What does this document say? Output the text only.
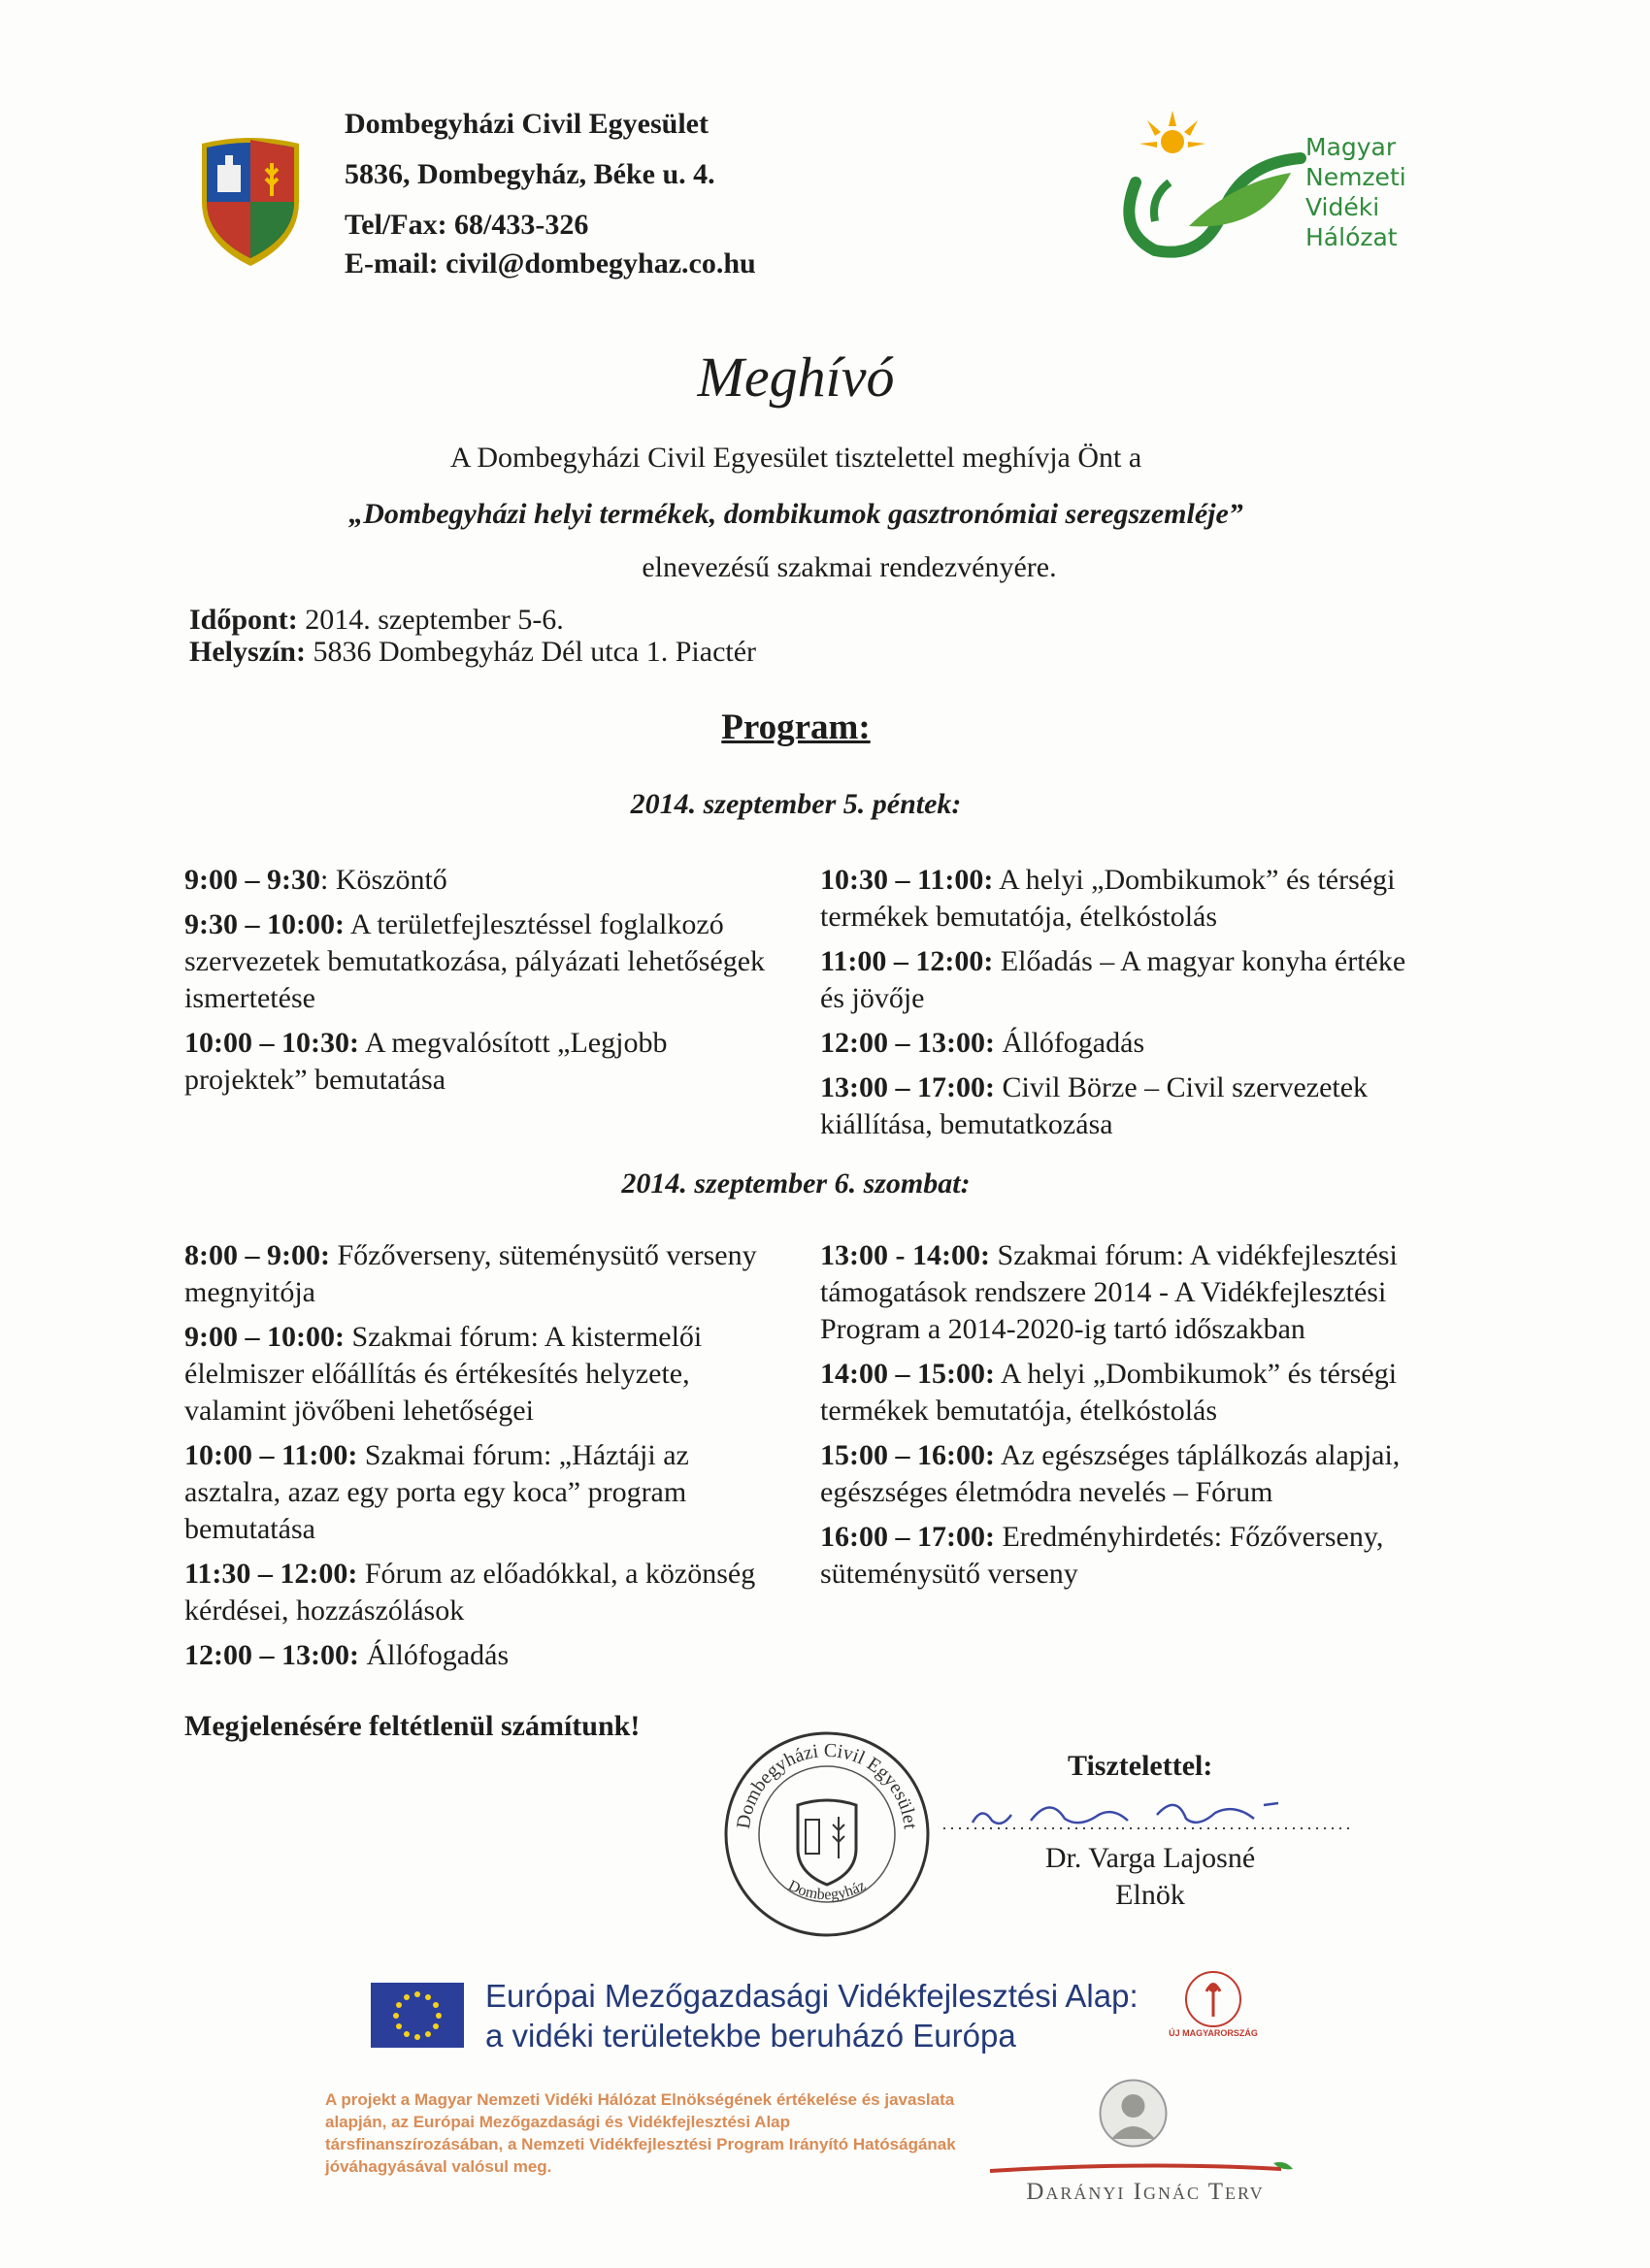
Dombegyházi Civil Egyesület
5836, Dombegyház, Béke u. 4.
Tel/Fax: 68/433-326
E-mail: civil@dombegyhaz.co.hu
Magyar
Nemzeti
Vidéki
Hálózat
Meghívó
A Dombegyházi Civil Egyesület tisztelettel meghívja Önt a
„Dombegyházi helyi termékek, dombikumok gasztronómiai seregszemléje”
elnevezésű szakmai rendezvényére.
Időpont: 2014. szeptember 5-6.
Helyszín: 5836 Dombegyház Dél utca 1. Piactér
Program:
2014. szeptember 5. péntek:
9:00 – 9:30: Köszöntő
9:30 – 10:00: A területfejlesztéssel foglalkozó szervezetek bemutatkozása, pályázati lehetőségek ismertetése
10:00 – 10:30: A megvalósított „Legjobb projektek” bemutatása
10:30 – 11:00: A helyi „Dombikumok” és térségi termékek bemutatója, ételkóstolás
11:00 – 12:00: Előadás – A magyar konyha értéke és jövője
12:00 – 13:00: Állófogadás
13:00 – 17:00: Civil Börze – Civil szervezetek kiállítása, bemutatkozása
2014. szeptember 6. szombat:
8:00 – 9:00: Főzőverseny, süteménysütő verseny megnyitója
9:00 – 10:00: Szakmai fórum: A kistermelői élelmiszer előállítás és értékesítés helyzete, valamint jövőbeni lehetőségei
10:00 – 11:00: Szakmai fórum: „Háztáji az asztalra, azaz egy porta egy koca” program bemutatása
11:30 – 12:00: Fórum az előadókkal, a közönség kérdései, hozzászólások
12:00 – 13:00: Állófogadás
13:00 - 14:00: Szakmai fórum: A vidékfejlesztési támogatások rendszere 2014 - A Vidékfejlesztési Program a 2014-2020-ig tartó időszakban
14:00 – 15:00: A helyi „Dombikumok” és térségi termékek bemutatója, ételkóstolás
15:00 – 16:00: Az egészséges táplálkozás alapjai, egészséges életmódra nevelés – Fórum
16:00 – 17:00: Eredményhirdetés: Főzőverseny, süteménysütő verseny
Megjelenésére feltétlenül számítunk!
Dombegyházi Civil Egyesület
Dombegyház
Tisztelettel:
Dr. Varga Lajosné
Elnök
Európai Mezőgazdasági Vidékfejlesztési Alap:
a vidéki területekbe beruházó Európa	ÚJ MAGYARORSZÁG
A projekt a Magyar Nemzeti Vidéki Hálózat Elnökségének értékelése és javaslata alapján, az Európai Mezőgazdasági és Vidékfejlesztési Alap társfinanszírozásában, a Nemzeti Vidékfejlesztési Program Irányító Hatóságának jóváhagyásával valósul meg.
Darányi Ignác Terv
